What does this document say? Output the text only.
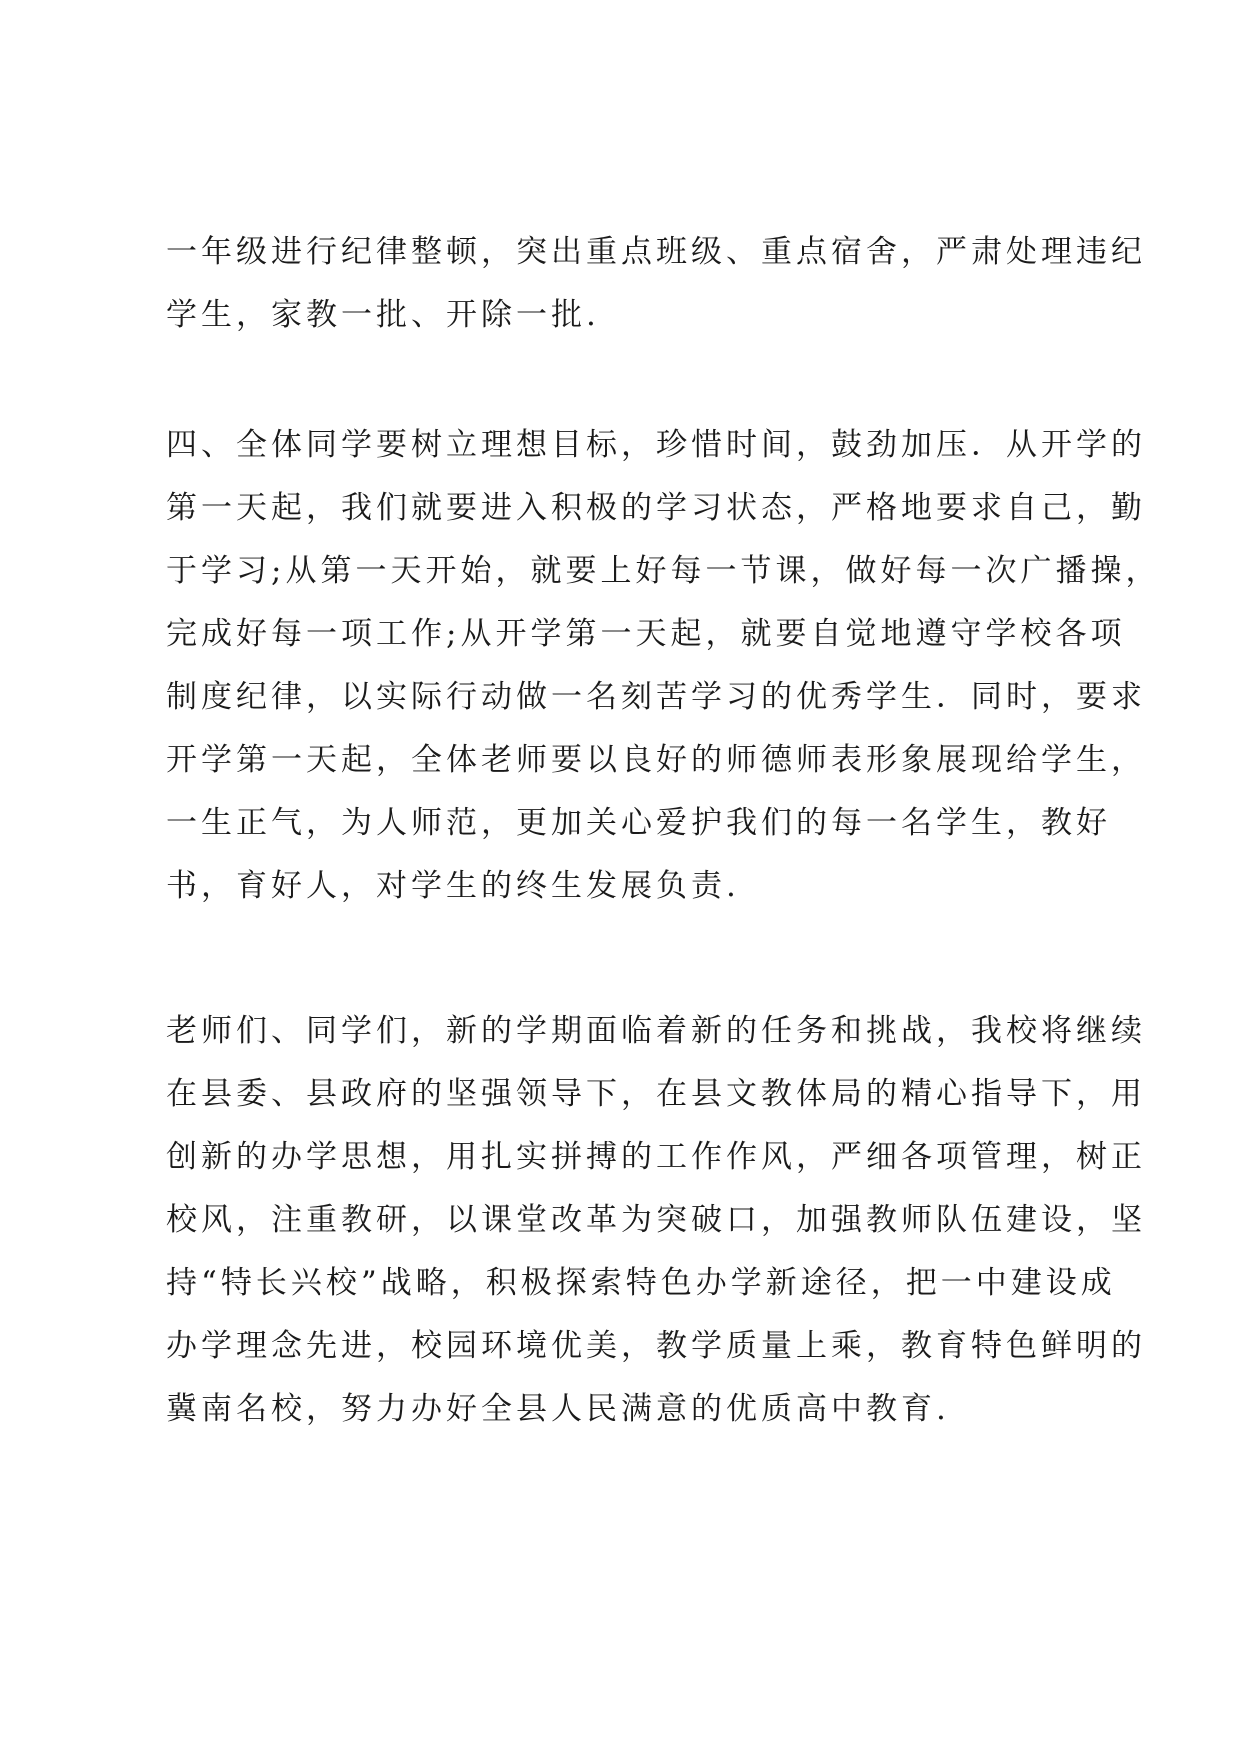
一年级进行纪律整顿，突出重点班级、重点宿舍，严肃处理违纪
学生，家教一批、开除一批.
四、全体同学要树立理想目标，珍惜时间，鼓劲加压．从开学的
第一天起，我们就要进入积极的学习状态，严格地要求自己，勤
于学习;从第一天开始，就要上好每一节课，做好每一次广播操，
完成好每一项工作;从开学第一天起，就要自觉地遵守学校各项
制度纪律，以实际行动做一名刻苦学习的优秀学生．同时，要求
开学第一天起，全体老师要以良好的师德师表形象展现给学生，
一生正气，为人师范，更加关心爱护我们的每一名学生，教好
书，育好人，对学生的终生发展负责.
老师们、同学们，新的学期面临着新的任务和挑战，我校将继续
在县委、县政府的坚强领导下，在县文教体局的精心指导下，用
创新的办学思想，用扎实拼搏的工作作风，严细各项管理，树正
校风，注重教研，以课堂改革为突破口，加强教师队伍建设，坚
持“特长兴校”战略，积极探索特色办学新途径，把一中建设成
办学理念先进，校园环境优美，教学质量上乘，教育特色鲜明的
冀南名校，努力办好全县人民满意的优质高中教育.
